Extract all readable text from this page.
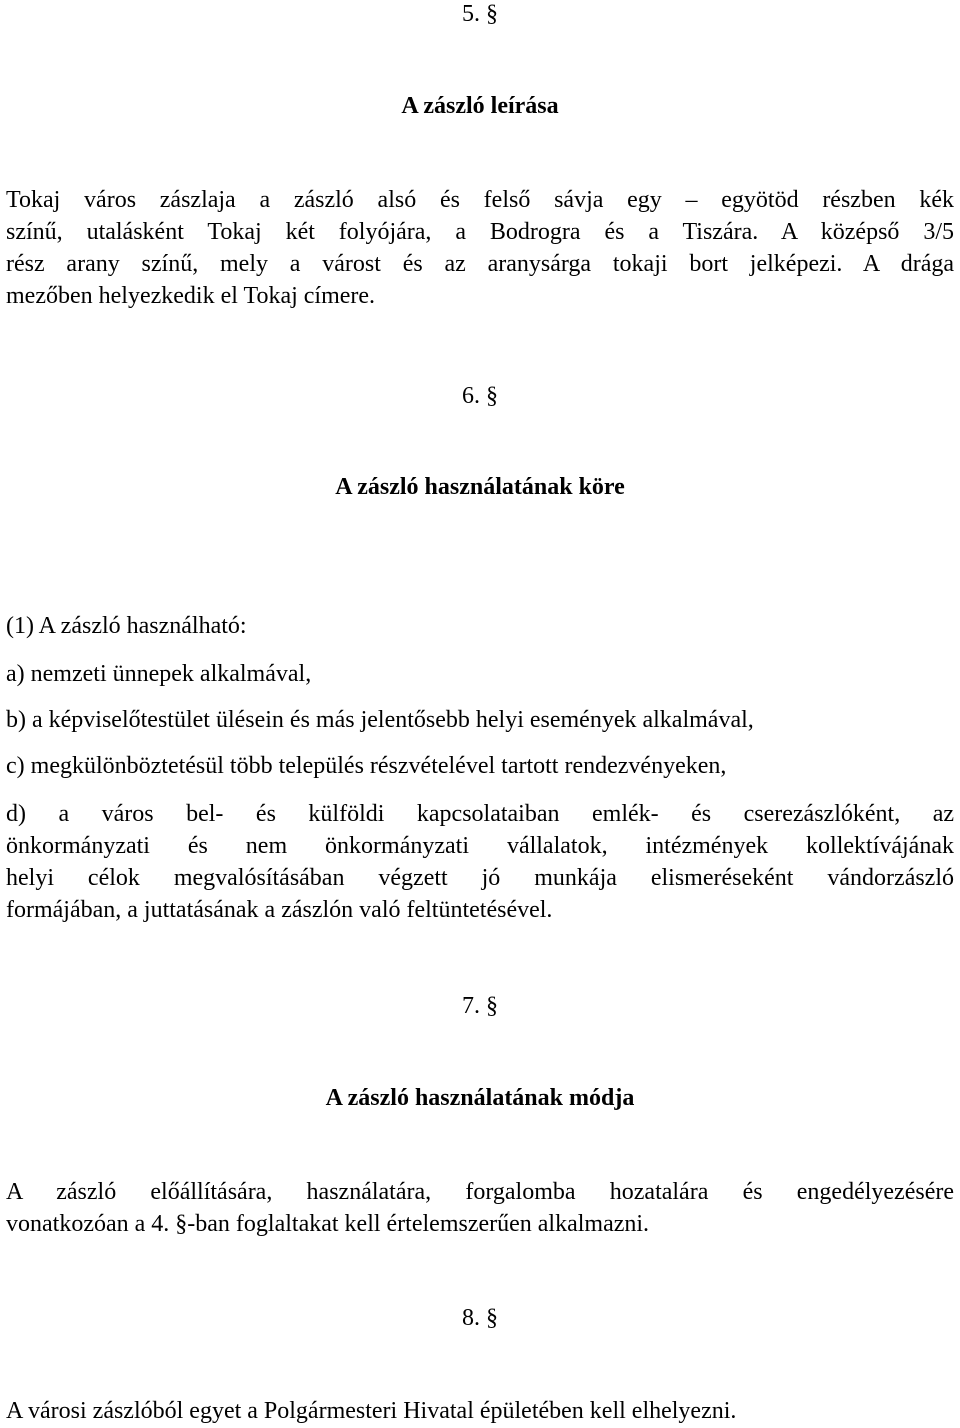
5. §
A zászló leírása
Tokaj város zászlaja a zászló alsó és felső sávja egy – egyötöd részben kék
színű, utalásként Tokaj két folyójára, a Bodrogra és a Tiszára. A középső 3/5
rész arany színű, mely a várost és az aranysárga tokaji bort jelképezi. A drága
mezőben helyezkedik el Tokaj címere.
6. §
A zászló használatának köre
(1) A zászló használható:
a) nemzeti ünnepek alkalmával,
b) a képviselőtestület ülésein és más jelentősebb helyi események alkalmával,
c) megkülönböztetésül több település részvételével tartott rendezvényeken,
d) a város bel- és külföldi kapcsolataiban emlék- és cserezászlóként, az
önkormányzati és nem önkormányzati vállalatok, intézmények kollektívájának
helyi célok megvalósításában végzett jó munkája elismeréseként vándorzászló
formájában, a juttatásának a zászlón való feltüntetésével.
7. §
A zászló használatának módja
A zászló előállítására, használatára, forgalomba hozatalára és engedélyezésére
vonatkozóan a 4. §-ban foglaltakat kell értelemszerűen alkalmazni.
8. §
A városi zászlóból egyet a Polgármesteri Hivatal épületében kell elhelyezni.
